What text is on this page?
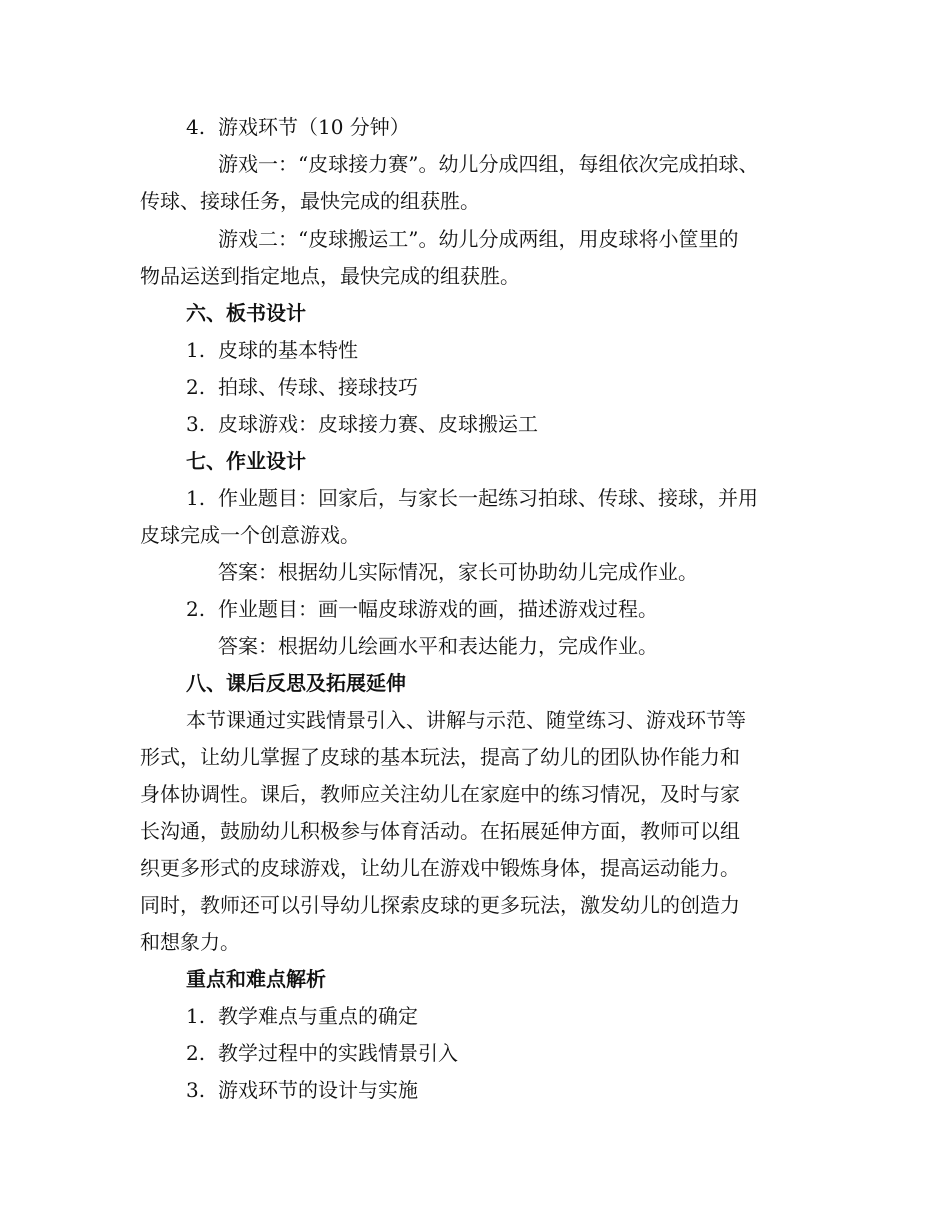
4. 游戏环节（10 分钟）
游戏一：“皮球接力赛”。幼儿分成四组，每组依次完成拍球、
传球、接球任务，最快完成的组获胜。
游戏二：“皮球搬运工”。幼儿分成两组，用皮球将小筐里的
物品运送到指定地点，最快完成的组获胜。
六、板书设计
1. 皮球的基本特性
2. 拍球、传球、接球技巧
3. 皮球游戏：皮球接力赛、皮球搬运工
七、作业设计
1. 作业题目：回家后，与家长一起练习拍球、传球、接球，并用
皮球完成一个创意游戏。
答案：根据幼儿实际情况，家长可协助幼儿完成作业。
2. 作业题目：画一幅皮球游戏的画，描述游戏过程。
答案：根据幼儿绘画水平和表达能力，完成作业。
八、课后反思及拓展延伸
本节课通过实践情景引入、讲解与示范、随堂练习、游戏环节等
形式，让幼儿掌握了皮球的基本玩法，提高了幼儿的团队协作能力和
身体协调性。课后，教师应关注幼儿在家庭中的练习情况，及时与家
长沟通，鼓励幼儿积极参与体育活动。在拓展延伸方面，教师可以组
织更多形式的皮球游戏，让幼儿在游戏中锻炼身体，提高运动能力。
同时，教师还可以引导幼儿探索皮球的更多玩法，激发幼儿的创造力
和想象力。
重点和难点解析
1. 教学难点与重点的确定
2. 教学过程中的实践情景引入
3. 游戏环节的设计与实施
